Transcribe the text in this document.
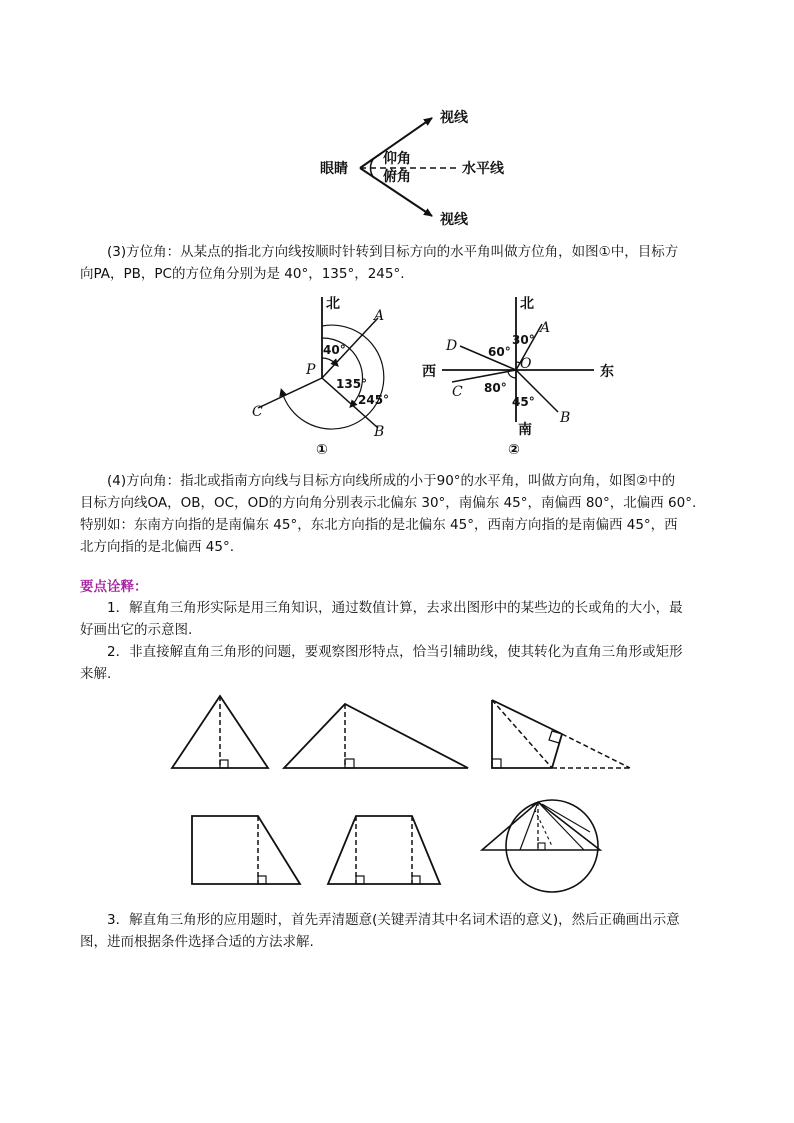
眼睛
视线
视线
仰角
俯角	水平线
(3)方位角：从某点的指北方向线按顺时针转到目标方向的水平角叫做方位角，如图①中，目标方
向PA，PB，PC的方位角分别为是 40°，135°，245°.
北
A
B
C
P
40°
135°
245°
①
北
南
东
西
A
B
C
D
O
30°
60°
80°
45°
②
(4)方向角：指北或指南方向线与目标方向线所成的小于90°的水平角，叫做方向角，如图②中的
目标方向线OA，OB，OC，OD的方向角分别表示北偏东 30°，南偏东 45°，南偏西 80°，北偏西 60°.
特别如：东南方向指的是南偏东 45°，东北方向指的是北偏东 45°，西南方向指的是南偏西 45°，西
北方向指的是北偏西 45°.
要点诠释：
1．解直角三角形实际是用三角知识，通过数值计算，去求出图形中的某些边的长或角的大小，最
好画出它的示意图.
2．非直接解直角三角形的问题，要观察图形特点，恰当引辅助线，使其转化为直角三角形或矩形
来解.
3．解直角三角形的应用题时，首先弄清题意(关键弄清其中名词术语的意义)，然后正确画出示意
图，进而根据条件选择合适的方法求解.
